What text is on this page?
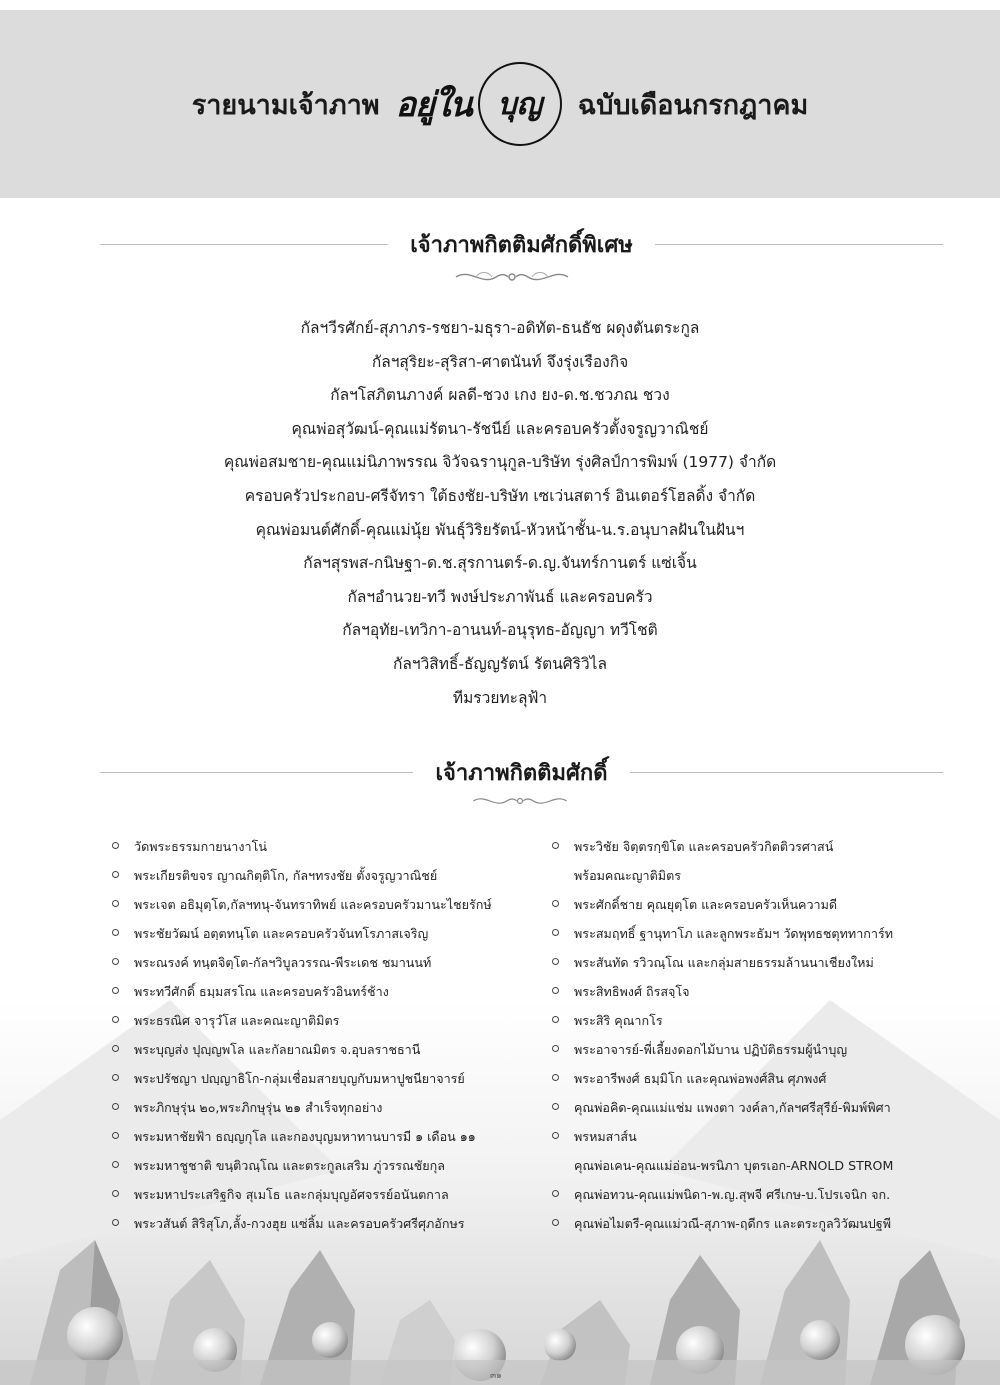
รายนามเจ้าภาพ อยู่ใน บุญ ฉบับเดือนกรกฎาคม
เจ้าภาพกิตติมศักดิ์พิเศษ
กัลฯวีรศักย์-สุภาภร-รชยา-มธุรา-อดิทัต-ธนธัช ผดุงตันตระกูล
กัลฯสุริยะ-สุริสา-ศาตนันท์ จึงรุ่งเรืองกิจ
กัลฯโสภิตนภางค์ ผลดี-ชวง เกง ยง-ด.ช.ชวภณ ชวง
คุณพ่อสุวัฒน์-คุณแม่รัตนา-รัชนีย์ และครอบครัวตั้งจรูญวาณิชย์
คุณพ่อสมชาย-คุณแม่นิภาพรรณ จิวัจฉรานุกูล-บริษัท รุ่งศิลป์การพิมพ์ (1977) จำกัด
ครอบครัวประกอบ-ศรีจัทรา ใต้ธงชัย-บริษัท เซเว่นสตาร์ อินเตอร์โฮลดิ้ง จำกัด
คุณพ่อมนต์ศักดิ์-คุณแม่นุ้ย พันธุ์วิริยรัตน์-หัวหน้าชั้น-น.ร.อนุบาลฝันในฝันฯ
กัลฯสุรพส-กนิษฐา-ด.ช.สุรกานตร์-ด.ญ.จันทร์กานตร์ แซ่เจิ้น
กัลฯอำนวย-ทวี พงษ์ประภาพันธ์ และครอบครัว
กัลฯอุทัย-เทวิกา-อานนท์-อนุรุทธ-อัญญา ทวีโชติ
กัลฯวิสิทธิ์-ธัญญรัตน์ รัตนศิริวิไล
ทีมรวยทะลุฟ้า
เจ้าภาพกิตติมศักดิ์
วัดพระธรรมกายนางาโน่
พระเกียรติขจร ญาณกิตฺติโก, กัลฯทรงชัย ตั้งจรูญวาณิชย์
พระเจต อธิมุตฺโต,กัลฯทนุ-จันทราทิพย์ และครอบครัวมานะไชยรักษ์
พระชัยวัฒน์ อตฺตทนฺโต และครอบครัวจันทโรภาสเจริญ
พระณรงค์ ทนฺตจิตฺโต-กัลฯวิบูลวรรณ-พีระเดช ชมานนท์
พระทวีศักดิ์ ธมฺมสรโณ และครอบครัวอินทร์ช้าง
พระธรณิศ จารุวํโส และคณะญาติมิตร
พระบุญส่ง ปุญฺญพโล และกัลยาณมิตร จ.อุบลราชธานี
พระปรัชญา ปญฺญาธิโก-กลุ่มเชื่อมสายบุญกับมหาปูชนียาจารย์
พระภิกษุรุ่น ๒๐,พระภิกษุรุ่น ๒๑ สำเร็จทุกอย่าง
พระมหาชัยฟ้า ธญฺญกุโล และกองบุญมหาทานบารมี ๑ เดือน ๑๑
พระมหาชูชาติ ขนฺติวณฺโณ และตระกูลเสริม ภู่วรรณชัยกุล
พระมหาประเสริฐกิจ สุเมโธ และกลุ่มบุญอัศจรรย์อนันตกาล
พระวสันต์ สิริสุโภ,ลั้ง-กวงฮุย แซ่ลิ้ม และครอบครัวศรีศุภอักษร
พระวิชัย จิตฺตรกฺขิโต และครอบครัวกิตติวรศาสน์
พร้อมคณะญาติมิตร
พระศักดิ์ชาย คุณยุตฺโต และครอบครัวเห็นความดี
พระสมฤทธิ์ ฐานุทาโภ และลูกพระธัมฯ วัดพุทธชตุททาการ์ท
พระสันทัด รวิวณฺโณ และกลุ่มสายธรรมล้านนาเชียงใหม่
พระสิทธิพงศ์ ถิรสจฺโจ
พระสิริ คุณากโร
พระอาจารย์-พี่เลี้ยงดอกไม้บาน ปฏิบัติธรรมผู้นำบุญ
พระอารีพงศ์ ธมฺมิโก และคุณพ่อพงศ์สิน ศุภพงศ์
คุณพ่อคิด-คุณแม่แช่ม แพงตา วงค์ลา,กัลฯศรีสุรีย์-พิมพ์พิศา
พรหมสาส์น
คุณพ่อเคน-คุณแม่อ่อน-พรนิภา บุตรเอก-ARNOLD STROM
คุณพ่อทวน-คุณแม่พนิดา-พ.ญ.สุพจี ศรีเกษ-บ.โปรเจนิก จก.
คุณพ่อไมตรี-คุณแม่วณี-สุภาพ-ฤดีกร และตระกูลวิวัฒนปฐพี
๓๑
